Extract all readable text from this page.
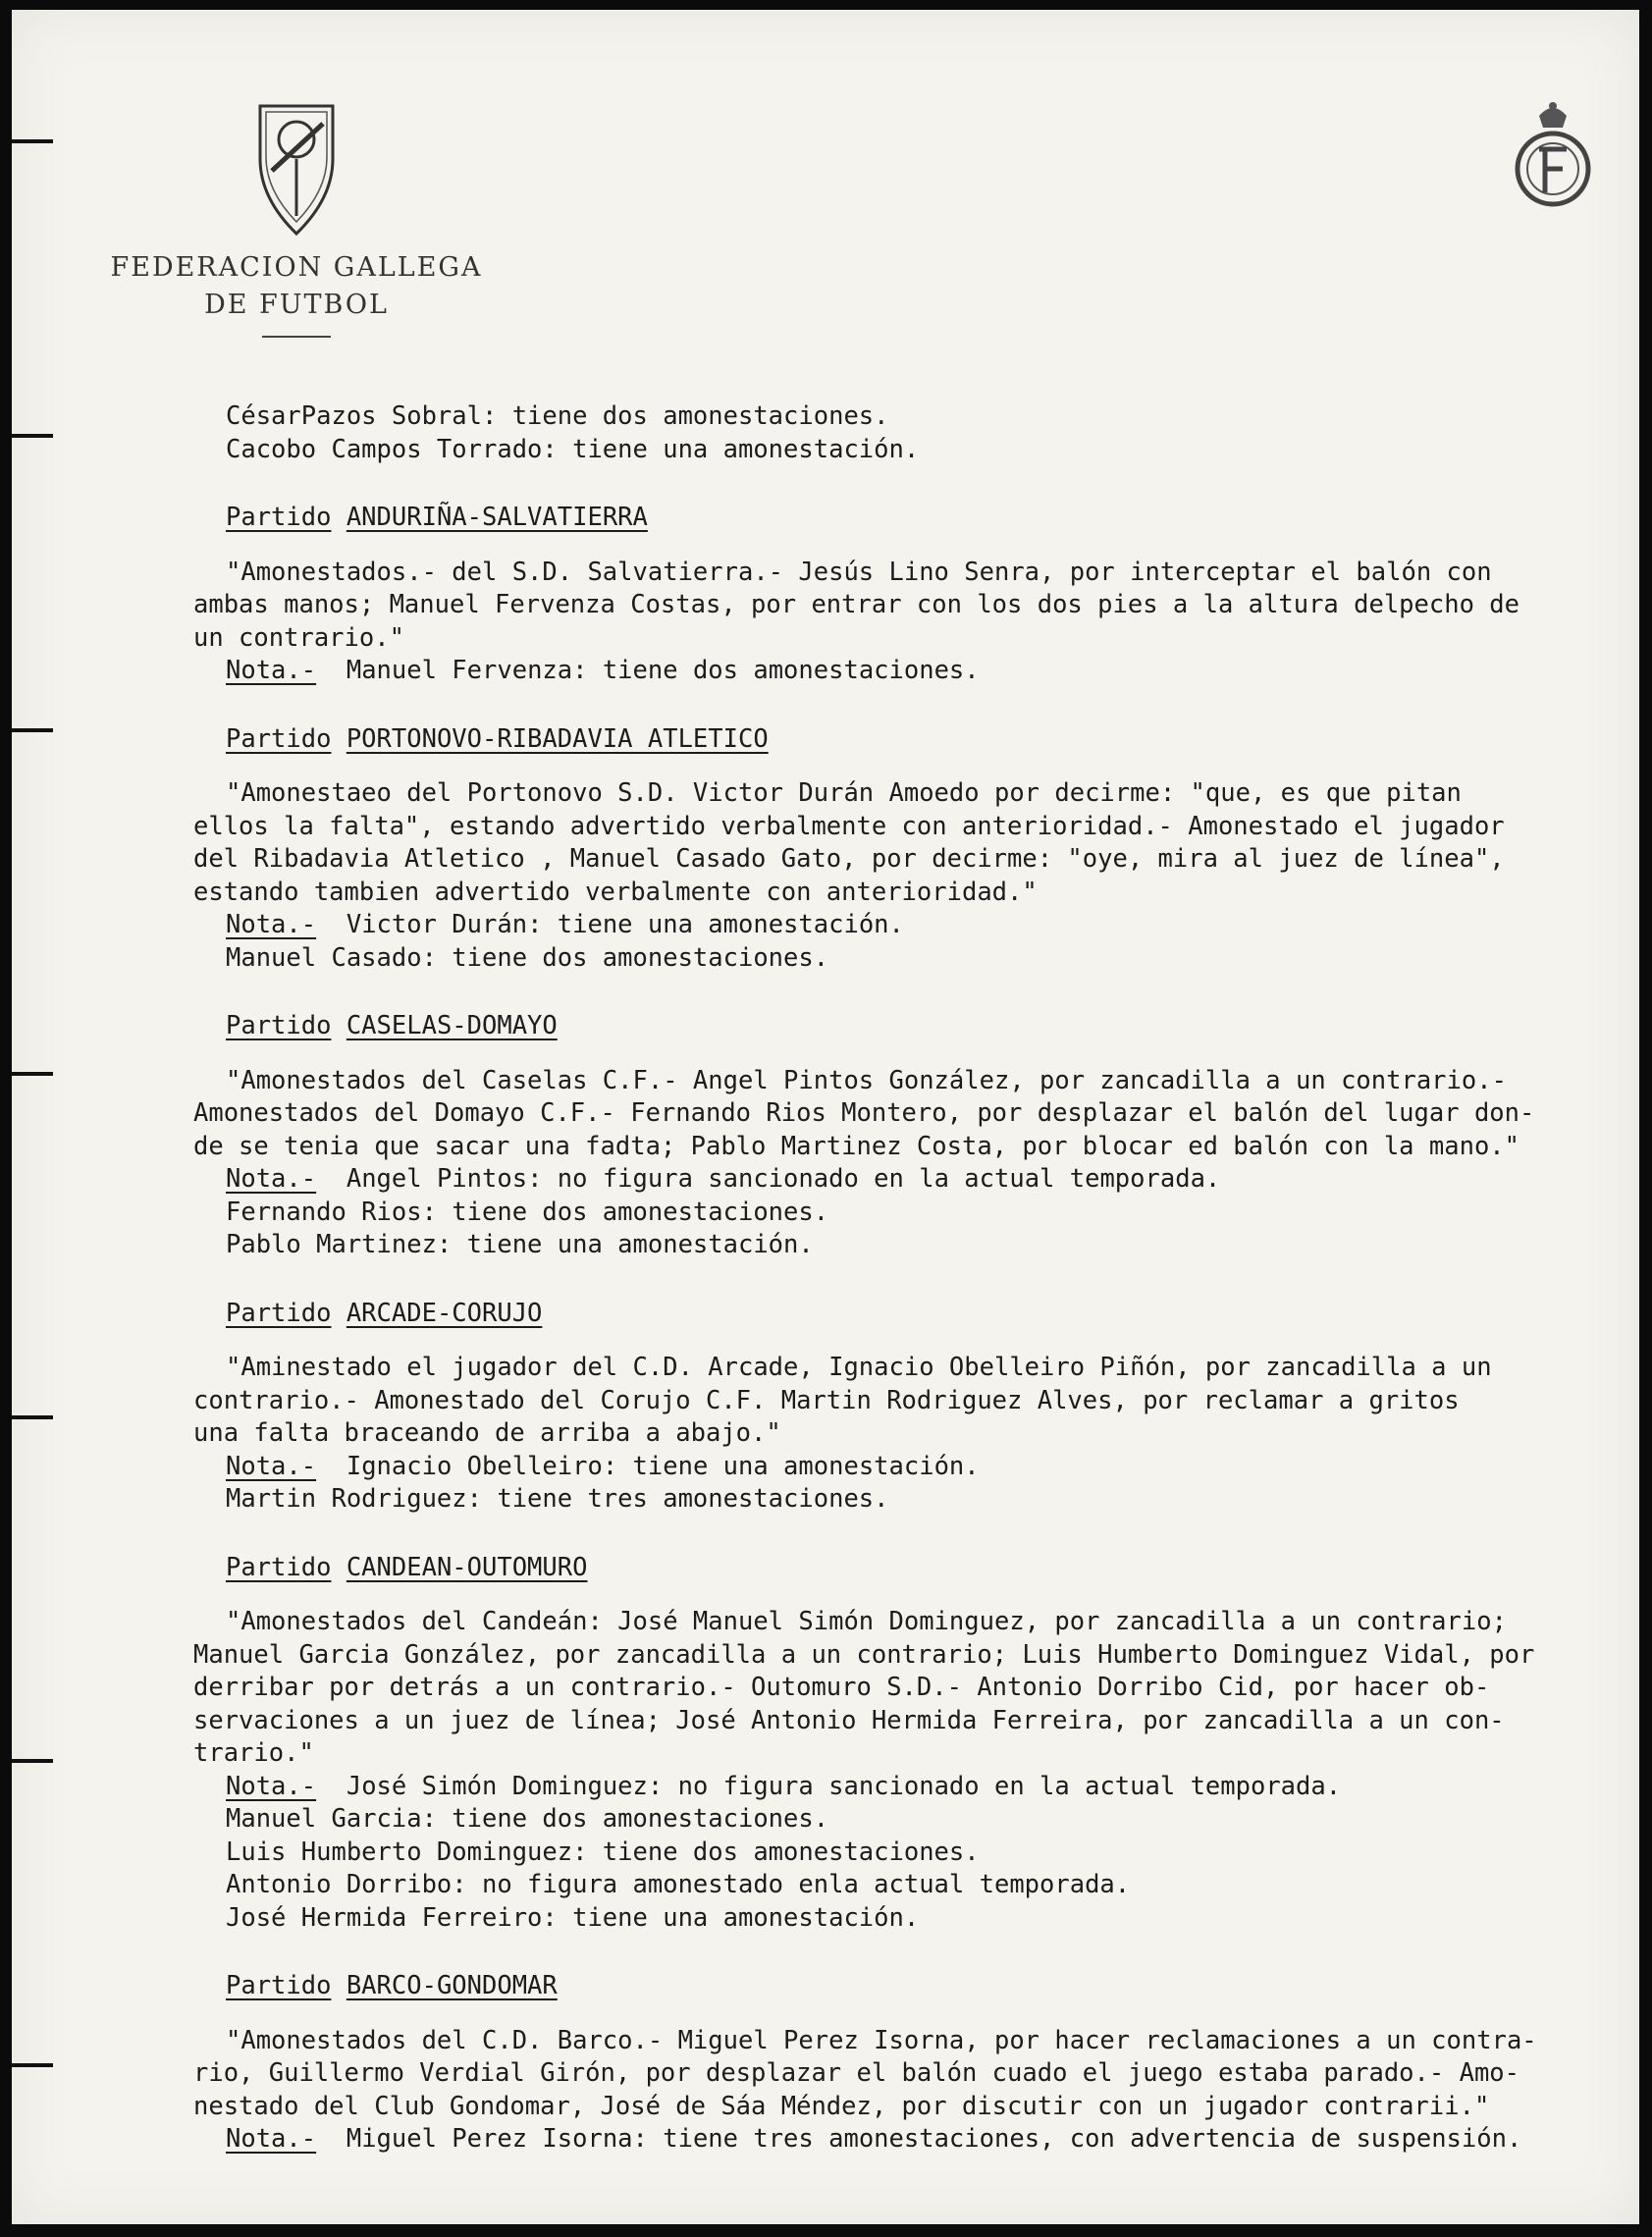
FEDERACION GALLEGA
DE FUTBOL
CésarPazos Sobral: tiene dos amonestaciones.
Cacobo Campos Torrado: tiene una amonestación.
Partido ANDURIÑA-SALVATIERRA
"Amonestados.- del S.D. Salvatierra.- Jesús Lino Senra, por interceptar el balón con
ambas manos; Manuel Fervenza Costas, por entrar con los dos pies a la altura delpecho de
un contrario."
Nota.- Manuel Fervenza: tiene dos amonestaciones.
Partido PORTONOVO-RIBADAVIA ATLETICO
"Amonestaeo del Portonovo S.D. Victor Durán Amoedo por decirme: "que, es que pitan
ellos la falta", estando advertido verbalmente con anterioridad.- Amonestado el jugador
del Ribadavia Atletico , Manuel Casado Gato, por decirme: "oye, mira al juez de línea",
estando tambien advertido verbalmente con anterioridad."
Nota.- Victor Durán: tiene una amonestación.
Manuel Casado: tiene dos amonestaciones.
Partido CASELAS-DOMAYO
"Amonestados del Caselas C.F.- Angel Pintos González, por zancadilla a un contrario.-
Amonestados del Domayo C.F.- Fernando Rios Montero, por desplazar el balón del lugar don-
de se tenia que sacar una fadta; Pablo Martinez Costa, por blocar ed balón con la mano."
Nota.- Angel Pintos: no figura sancionado en la actual temporada.
Fernando Rios: tiene dos amonestaciones.
Pablo Martinez: tiene una amonestación.
Partido ARCADE-CORUJO
"Aminestado el jugador del C.D. Arcade, Ignacio Obelleiro Piñón, por zancadilla a un
contrario.- Amonestado del Corujo C.F. Martin Rodriguez Alves, por reclamar a gritos
una falta braceando de arriba a abajo."
Nota.- Ignacio Obelleiro: tiene una amonestación.
Martin Rodriguez: tiene tres amonestaciones.
Partido CANDEAN-OUTOMURO
"Amonestados del Candeán: José Manuel Simón Dominguez, por zancadilla a un contrario;
Manuel Garcia González, por zancadilla a un contrario; Luis Humberto Dominguez Vidal, por
derribar por detrás a un contrario.- Outomuro S.D.- Antonio Dorribo Cid, por hacer ob-
servaciones a un juez de línea; José Antonio Hermida Ferreira, por zancadilla a un con-
trario."
Nota.- José Simón Dominguez: no figura sancionado en la actual temporada.
Manuel Garcia: tiene dos amonestaciones.
Luis Humberto Dominguez: tiene dos amonestaciones.
Antonio Dorribo: no figura amonestado enla actual temporada.
José Hermida Ferreiro: tiene una amonestación.
Partido BARCO-GONDOMAR
"Amonestados del C.D. Barco.- Miguel Perez Isorna, por hacer reclamaciones a un contra-
rio, Guillermo Verdial Girón, por desplazar el balón cuado el juego estaba parado.- Amo-
nestado del Club Gondomar, José de Sáa Méndez, por discutir con un jugador contrarii."
Nota.- Miguel Perez Isorna: tiene tres amonestaciones, con advertencia de suspensión.
